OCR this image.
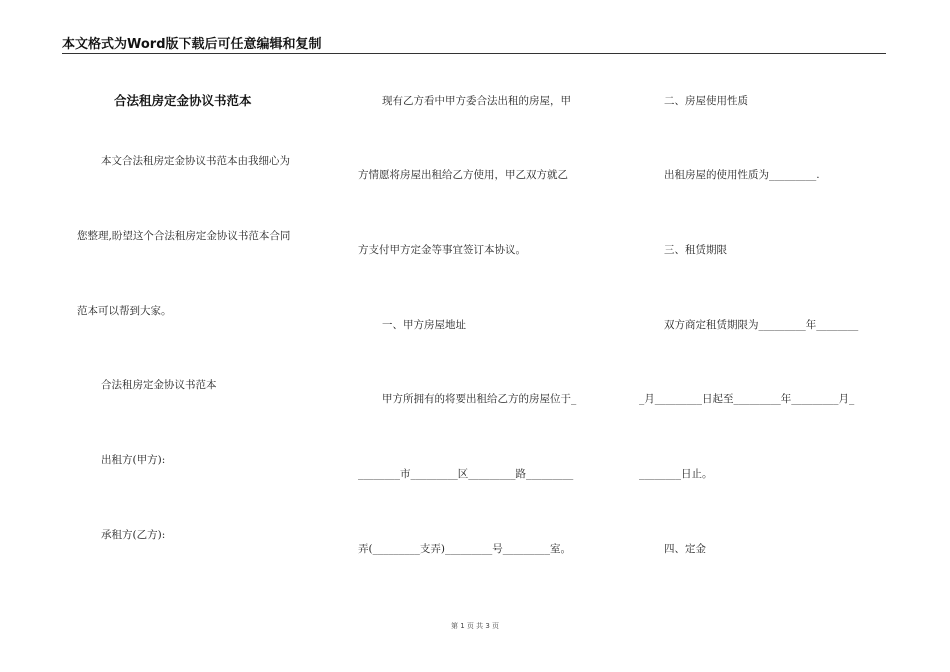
本文格式为Word版下载后可任意编辑和复制
合法租房定金协议书范本
本文合法租房定金协议书范本由我细心为
您整理,盼望这个合法租房定金协议书范本合同
范本可以帮到大家。
合法租房定金协议书范本
出租方(甲方):
承租方(乙方):
现有乙方看中甲方委合法出租的房屋，甲
方情愿将房屋出租给乙方使用，甲乙双方就乙
方支付甲方定金等事宜签订本协议。
一、甲方房屋地址
甲方所拥有的将要出租给乙方的房屋位于_
________市_________区_________路_________
弄(_________支弄)_________号_________室。
二、房屋使用性质
出租房屋的使用性质为_________.
三、租赁期限
双方商定租赁期限为_________年________
_月_________日起至_________年_________月_
________日止。
四、定金
第 1 页 共 3 页
